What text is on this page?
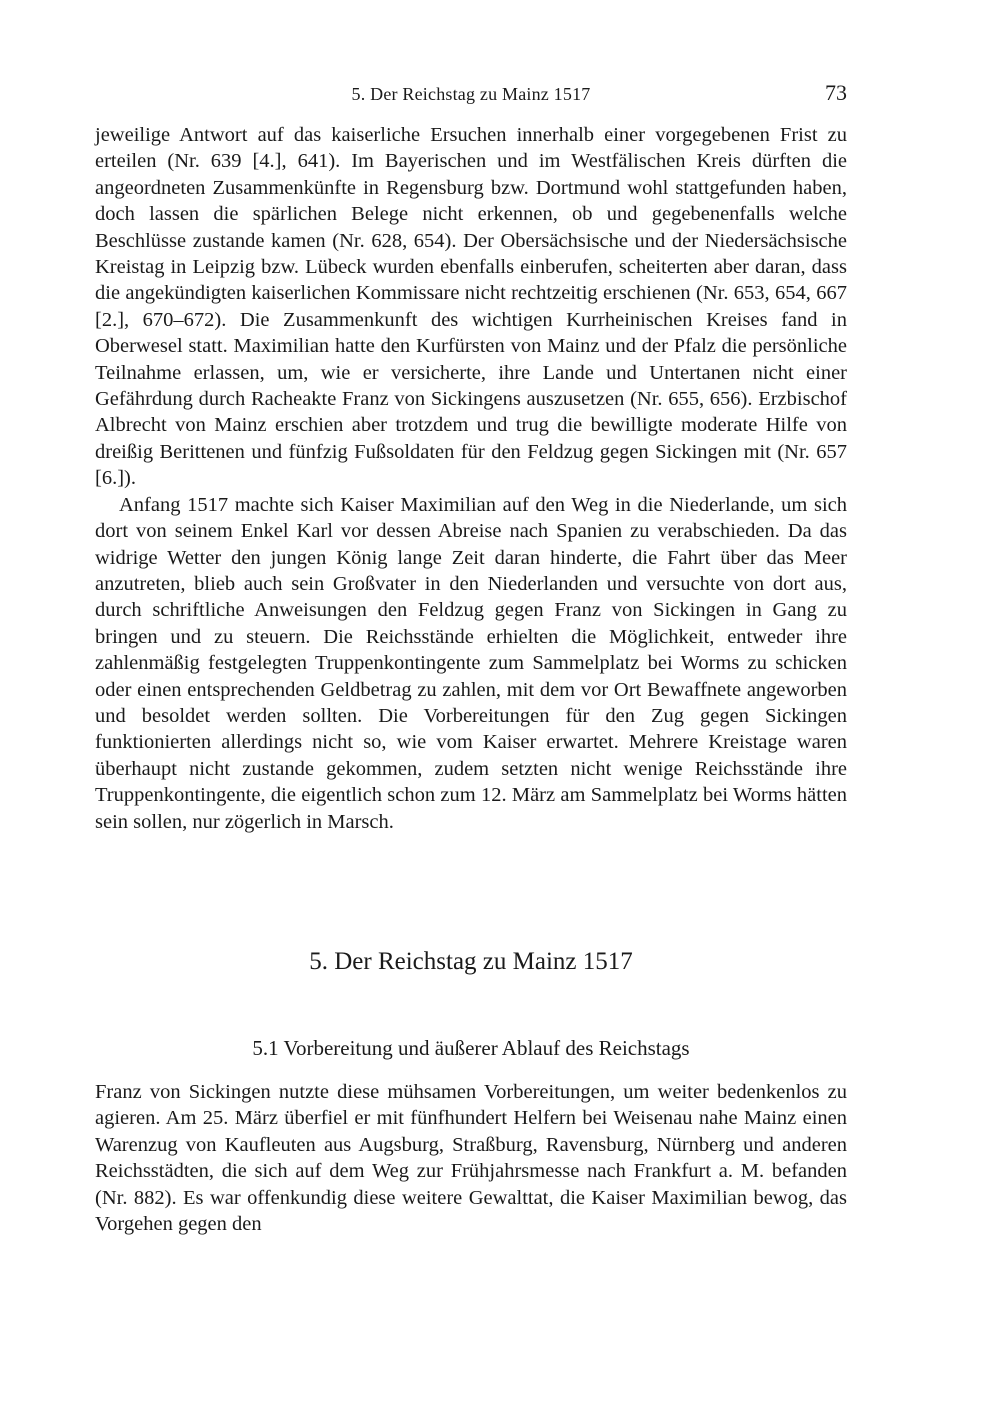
5. Der Reichstag zu Mainz 1517	73

jeweilige Antwort auf das kaiserliche Ersuchen innerhalb einer vorgegebenen Frist zu erteilen (Nr. 639 [4.], 641). Im Bayerischen und im Westfälischen Kreis dürften die angeordneten Zusammenkünfte in Regensburg bzw. Dortmund wohl stattgefunden haben, doch lassen die spärlichen Belege nicht erkennen, ob und gegebenenfalls welche Beschlüsse zustande kamen (Nr. 628, 654). Der Obersächsische und der Niedersächsische Kreistag in Leipzig bzw. Lübeck wurden ebenfalls einberufen, scheiterten aber daran, dass die angekündigten kaiserlichen Kommissare nicht rechtzeitig erschienen (Nr. 653, 654, 667 [2.], 670–672). Die Zusammenkunft des wichtigen Kurrheinischen Kreises fand in Oberwesel statt. Maximilian hatte den Kurfürsten von Mainz und der Pfalz die persönliche Teilnahme erlassen, um, wie er versicherte, ihre Lande und Untertanen nicht einer Gefährdung durch Racheakte Franz von Sickingens auszusetzen (Nr. 655, 656). Erzbischof Albrecht von Mainz erschien aber trotzdem und trug die bewilligte moderate Hilfe von dreißig Berittenen und fünfzig Fußsoldaten für den Feldzug gegen Sickingen mit (Nr. 657 [6.]).

Anfang 1517 machte sich Kaiser Maximilian auf den Weg in die Niederlande, um sich dort von seinem Enkel Karl vor dessen Abreise nach Spanien zu verabschieden. Da das widrige Wetter den jungen König lange Zeit daran hinderte, die Fahrt über das Meer anzutreten, blieb auch sein Großvater in den Niederlanden und versuchte von dort aus, durch schriftliche Anweisungen den Feldzug gegen Franz von Sickingen in Gang zu bringen und zu steuern. Die Reichsstände erhielten die Möglichkeit, entweder ihre zahlenmäßig festgelegten Truppenkontingente zum Sammelplatz bei Worms zu schicken oder einen entsprechenden Geldbetrag zu zahlen, mit dem vor Ort Bewaffnete angeworben und besoldet werden sollten. Die Vorbereitungen für den Zug gegen Sickingen funktionierten allerdings nicht so, wie vom Kaiser erwartet. Mehrere Kreistage waren überhaupt nicht zustande gekommen, zudem setzten nicht wenige Reichsstände ihre Truppenkontingente, die eigentlich schon zum 12. März am Sammelplatz bei Worms hätten sein sollen, nur zögerlich in Marsch.

5. Der Reichstag zu Mainz 1517
5.1 Vorbereitung und äußerer Ablauf des Reichstags

Franz von Sickingen nutzte diese mühsamen Vorbereitungen, um weiter bedenkenlos zu agieren. Am 25. März überfiel er mit fünfhundert Helfern bei Weisenau nahe Mainz einen Warenzug von Kaufleuten aus Augsburg, Straßburg, Ravensburg, Nürnberg und anderen Reichsstädten, die sich auf dem Weg zur Frühjahrsmesse nach Frankfurt a. M. befanden (Nr. 882). Es war offenkundig diese weitere Gewalttat, die Kaiser Maximilian bewog, das Vorgehen gegen den
